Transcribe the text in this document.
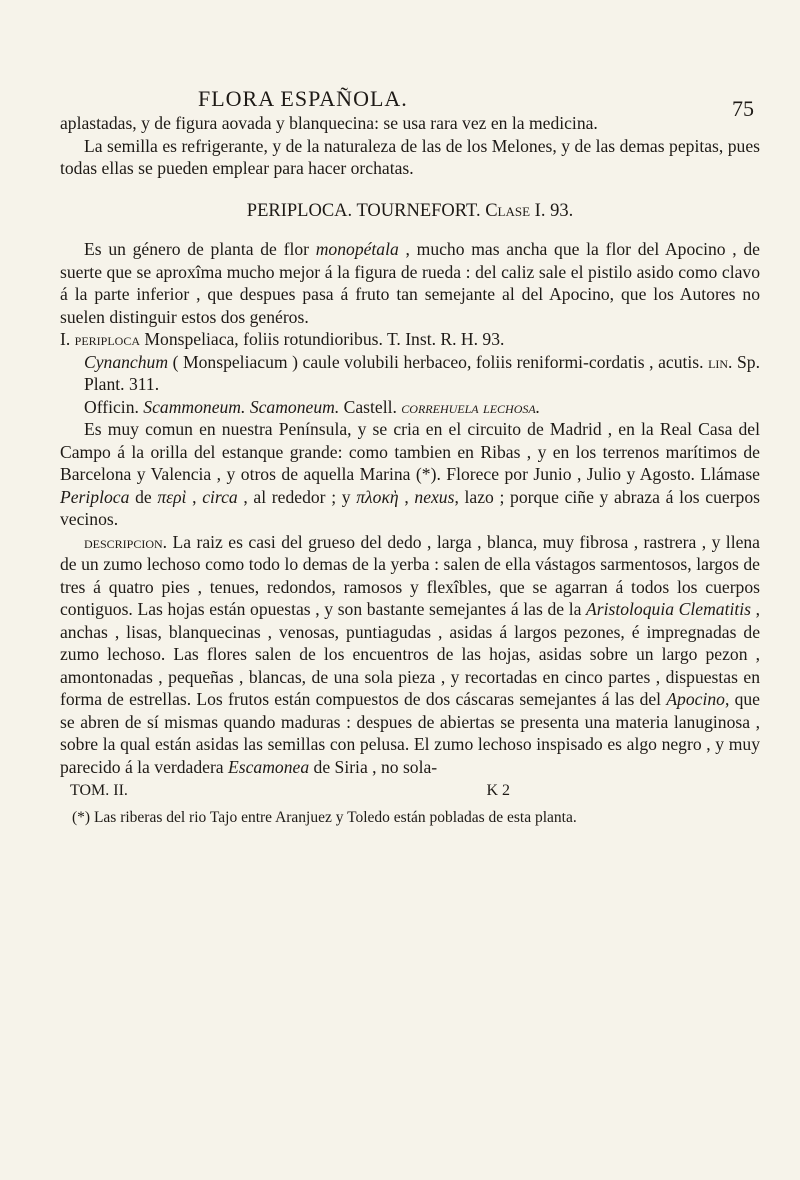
FLORA ESPAÑOLA.	75

aplastadas, y de figura aovada y blanquecina: se usa rara vez en la medicina.

La semilla es refrigerante, y de la naturaleza de las de los Melones, y de las demas pepitas, pues todas ellas se pueden emplear para hacer orchatas.

PERIPLOCA. TOURNEFORT. Clase I. 93.

Es un género de planta de flor monopétala , mucho mas ancha que la flor del Apocino , de suerte que se aproxîma mucho mejor á la figura de rueda : del caliz sale el pistilo asido como clavo á la parte inferior , que despues pasa á fruto tan semejante al del Apocino, que los Autores no suelen distinguir estos dos genéros.

I. periploca Monspeliaca, foliis rotundioribus. T. Inst. R. H. 93.

Cynanchum ( Monspeliacum ) caule volubili herbaceo, foliis reniformi-cordatis , acutis. lin. Sp. Plant. 311.

Officin. Scammoneum. Scamoneum. Castell. correhuela lechosa.

Es muy comun en nuestra Península, y se cria en el circuito de Madrid , en la Real Casa del Campo á la orilla del estanque grande: como tambien en Ribas , y en los terrenos marítimos de Barcelona y Valencia , y otros de aquella Marina (*). Florece por Junio , Julio y Agosto. Llámase Periploca de περὶ , circa , al rededor ; y πλοκὴ , nexus, lazo ; porque ciñe y abraza á los cuerpos vecinos.

descripcion. La raiz es casi del grueso del dedo , larga , blanca, muy fibrosa , rastrera , y llena de un zumo lechoso como todo lo demas de la yerba : salen de ella vástagos sarmentosos, largos de tres á quatro pies , tenues, redondos, ramosos y flexîbles, que se agarran á todos los cuerpos contiguos. Las hojas están opuestas , y son bastante semejantes á las de la Aristoloquia Clematitis , anchas , lisas, blanquecinas , venosas, puntiagudas , asidas á largos pezones, é impregnadas de zumo lechoso. Las flores salen de los encuentros de las hojas, asidas sobre un largo pezon , amontonadas , pequeñas , blancas, de una sola pieza , y recortadas en cinco partes , dispuestas en forma de estrellas. Los frutos están compuestos de dos cáscaras semejantes á las del Apocino, que se abren de sí mismas quando maduras : despues de abiertas se presenta una materia lanuginosa , sobre la qual están asidas las semillas con pelusa. El zumo lechoso inspisado es algo negro , y muy parecido á la verdadera Escamonea de Siria , no sola-

TOM. II.	K 2

(*) Las riberas del rio Tajo entre Aranjuez y Toledo están pobladas de esta planta.
